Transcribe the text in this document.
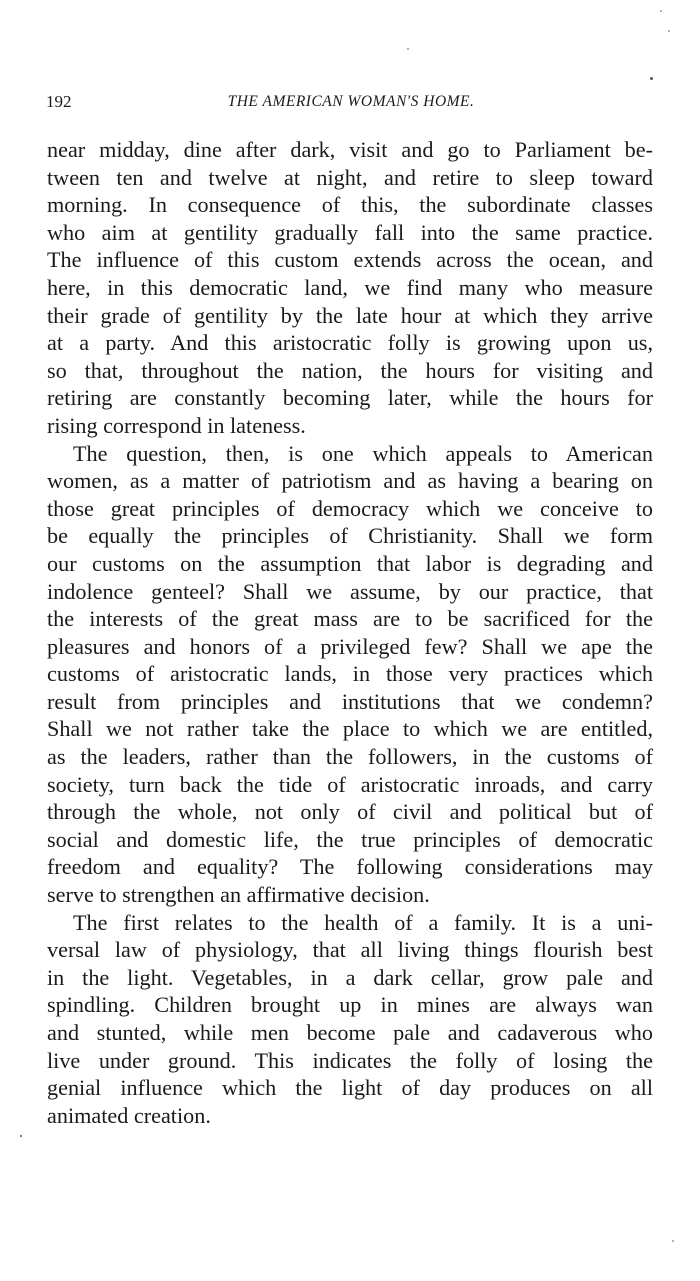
192	THE AMERICAN WOMAN'S HOME.

near midday, dine after dark, visit and go to Parliament be-
tween ten and twelve at night, and retire to sleep toward
morning. In consequence of this, the subordinate classes
who aim at gentility gradually fall into the same practice.
The influence of this custom extends across the ocean, and
here, in this democratic land, we find many who measure
their grade of gentility by the late hour at which they arrive
at a party. And this aristocratic folly is growing upon us,
so that, throughout the nation, the hours for visiting and
retiring are constantly becoming later, while the hours for
rising correspond in lateness.

The question, then, is one which appeals to American
women, as a matter of patriotism and as having a bearing on
those great principles of democracy which we conceive to
be equally the principles of Christianity. Shall we form
our customs on the assumption that labor is degrading and
indolence genteel? Shall we assume, by our practice, that
the interests of the great mass are to be sacrificed for the
pleasures and honors of a privileged few? Shall we ape the
customs of aristocratic lands, in those very practices which
result from principles and institutions that we condemn?
Shall we not rather take the place to which we are entitled,
as the leaders, rather than the followers, in the customs of
society, turn back the tide of aristocratic inroads, and carry
through the whole, not only of civil and political but of
social and domestic life, the true principles of democratic
freedom and equality? The following considerations may
serve to strengthen an affirmative decision.

The first relates to the health of a family. It is a uni-
versal law of physiology, that all living things flourish best
in the light. Vegetables, in a dark cellar, grow pale and
spindling. Children brought up in mines are always wan
and stunted, while men become pale and cadaverous who
live under ground. This indicates the folly of losing the
genial influence which the light of day produces on all
animated creation.
